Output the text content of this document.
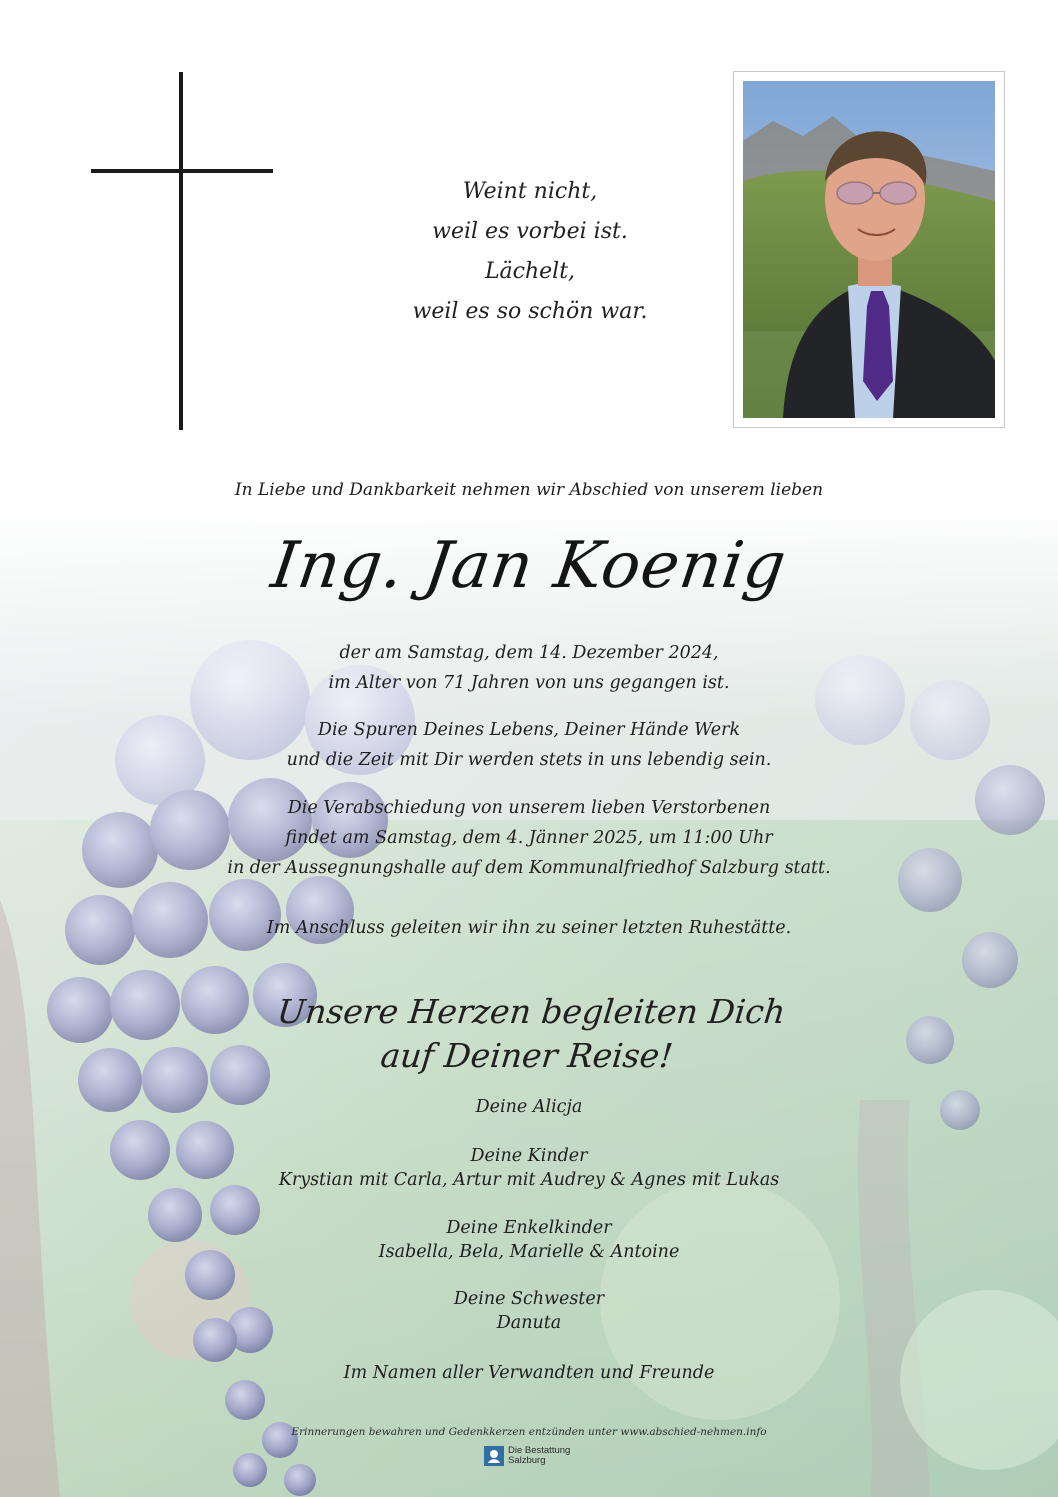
Weint nicht,
weil es vorbei ist.
Lächelt,
weil es so schön war.
In Liebe und Dankbarkeit nehmen wir Abschied von unserem lieben
Ing. Jan Koenig
der am Samstag, dem 14. Dezember 2024,
im Alter von 71 Jahren von uns gegangen ist.
Die Spuren Deines Lebens, Deiner Hände Werk
und die Zeit mit Dir werden stets in uns lebendig sein.
Die Verabschiedung von unserem lieben Verstorbenen
findet am Samstag, dem 4. Jänner 2025, um 11:00 Uhr
in der Aussegnungshalle auf dem Kommunalfriedhof Salzburg statt.
Im Anschluss geleiten wir ihn zu seiner letzten Ruhestätte.
Unsere Herzen begleiten Dich
auf Deiner Reise!
Deine Alicja
Deine Kinder
Krystian mit Carla, Artur mit Audrey & Agnes mit Lukas
Deine Enkelkinder
Isabella, Bela, Marielle & Antoine
Deine Schwester
Danuta
Im Namen aller Verwandten und Freunde
Erinnerungen bewahren und Gedenkkerzen entzünden unter www.abschied-nehmen.info
Die Bestattung
Salzburg
